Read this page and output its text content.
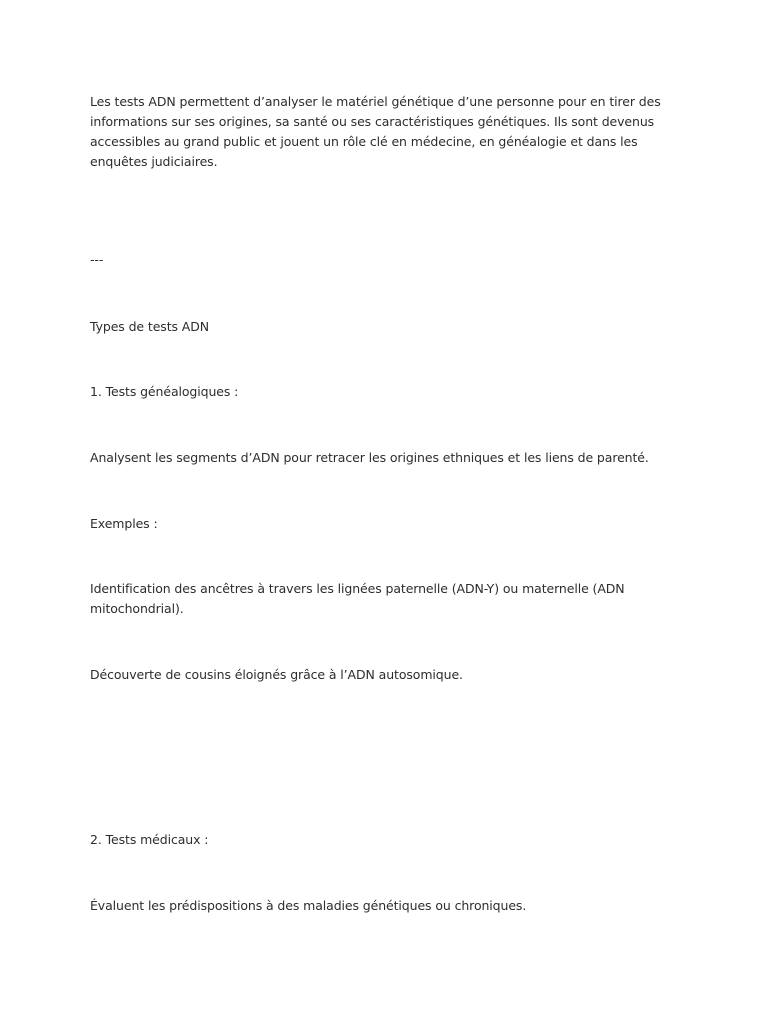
Les tests ADN permettent d’analyser le matériel génétique d’une personne pour en tirer des informations sur ses origines, sa santé ou ses caractéristiques génétiques. Ils sont devenus accessibles au grand public et jouent un rôle clé en médecine, en généalogie et dans les enquêtes judiciaires.

---

Types de tests ADN

1. Tests généalogiques :

Analysent les segments d’ADN pour retracer les origines ethniques et les liens de parenté.

Exemples :

Identification des ancêtres à travers les lignées paternelle (ADN-Y) ou maternelle (ADN mitochondrial).

Découverte de cousins éloignés grâce à l’ADN autosomique.

2. Tests médicaux :

Évaluent les prédispositions à des maladies génétiques ou chroniques.
